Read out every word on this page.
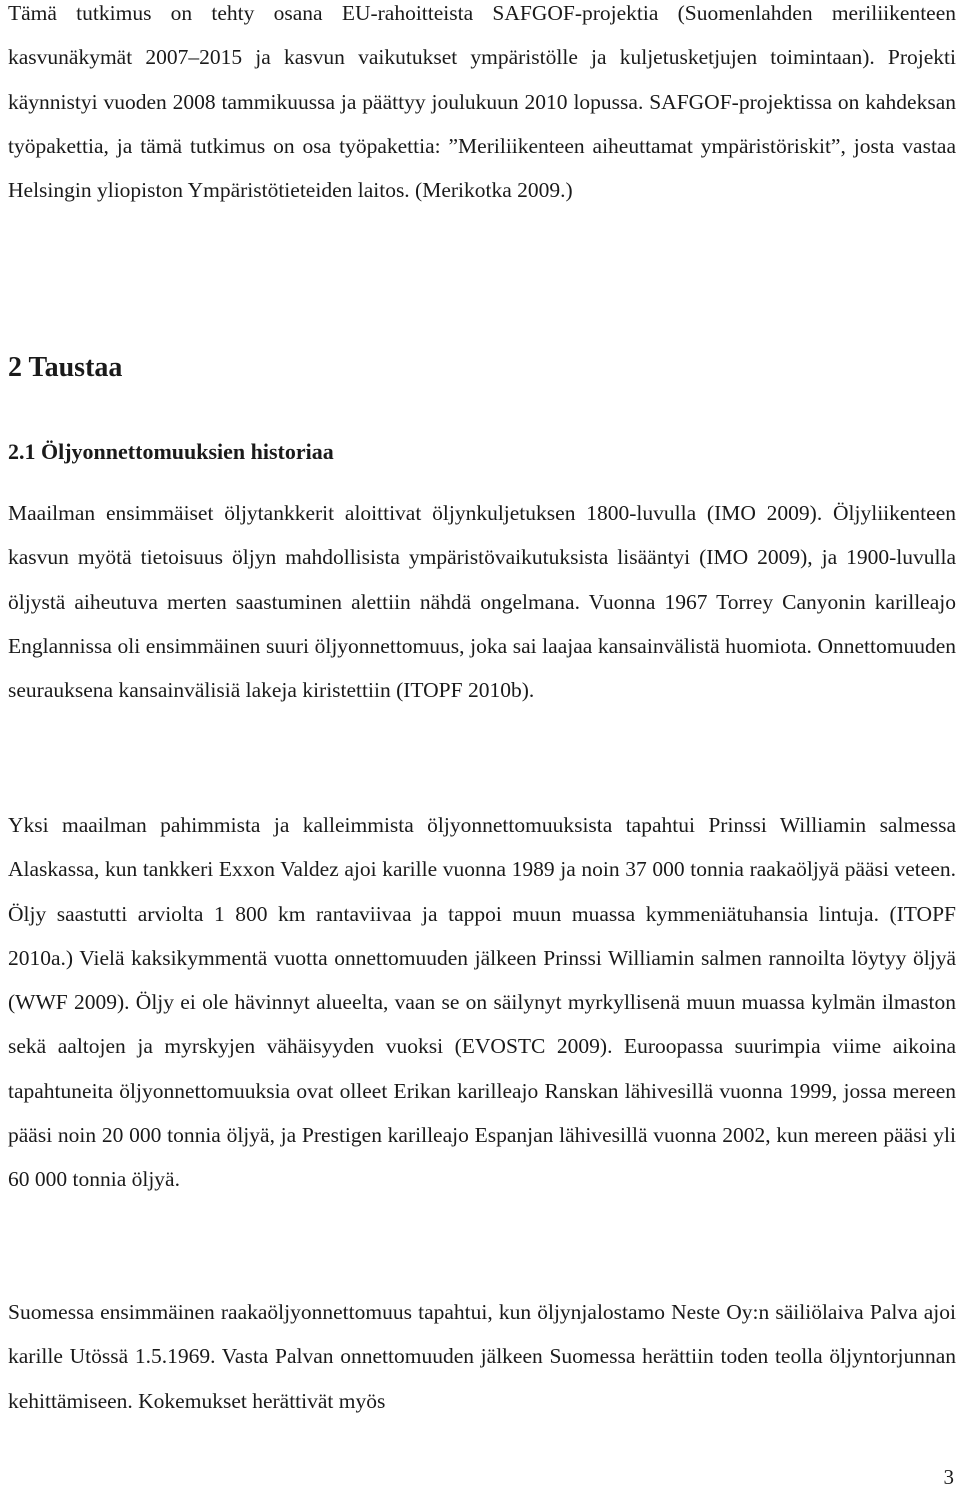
Tämä tutkimus on tehty osana EU-rahoitteista SAFGOF-projektia (Suomenlahden meriliikenteen kasvunäkymät 2007–2015 ja kasvun vaikutukset ympäristölle ja kuljetusketjujen toimintaan). Projekti käynnistyi vuoden 2008 tammikuussa ja päättyy joulukuun 2010 lopussa. SAFGOF-projektissa on kahdeksan työpakettia, ja tämä tutkimus on osa työpakettia: ”Meriliikenteen aiheuttamat ympäristöriskit”, josta vastaa Helsingin yliopiston Ympäristötieteiden laitos. (Merikotka 2009.)

2 Taustaa
2.1 Öljyonnettomuuksien historiaa

Maailman ensimmäiset öljytankkerit aloittivat öljynkuljetuksen 1800-luvulla (IMO 2009). Öljyliikenteen kasvun myötä tietoisuus öljyn mahdollisista ympäristövaikutuksista lisääntyi (IMO 2009), ja 1900-luvulla öljystä aiheutuva merten saastuminen alettiin nähdä ongelmana. Vuonna 1967 Torrey Canyonin karilleajo Englannissa oli ensimmäinen suuri öljyonnettomuus, joka sai laajaa kansainvälistä huomiota. Onnettomuuden seurauksena kansainvälisiä lakeja kiristettiin (ITOPF 2010b).

Yksi maailman pahimmista ja kalleimmista öljyonnettomuuksista tapahtui Prinssi Williamin salmessa Alaskassa, kun tankkeri Exxon Valdez ajoi karille vuonna 1989 ja noin 37 000 tonnia raakaöljyä pääsi veteen. Öljy saastutti arviolta 1 800 km rantaviivaa ja tappoi muun muassa kymmeniätuhansia lintuja. (ITOPF 2010a.) Vielä kaksikymmentä vuotta onnettomuuden jälkeen Prinssi Williamin salmen rannoilta löytyy öljyä (WWF 2009). Öljy ei ole hävinnyt alueelta, vaan se on säilynyt myrkyllisenä muun muassa kylmän ilmaston sekä aaltojen ja myrskyjen vähäisyyden vuoksi (EVOSTC 2009). Euroopassa suurimpia viime aikoina tapahtuneita öljyonnettomuuksia ovat olleet Erikan karilleajo Ranskan lähivesillä vuonna 1999, jossa mereen pääsi noin 20 000 tonnia öljyä, ja Prestigen karilleajo Espanjan lähivesillä vuonna 2002, kun mereen pääsi yli 60 000 tonnia öljyä.

Suomessa ensimmäinen raakaöljyonnettomuus tapahtui, kun öljynjalostamo Neste Oy:n säiliölaiva Palva ajoi karille Utössä 1.5.1969. Vasta Palvan onnettomuuden jälkeen Suomessa herättiin toden teolla öljyntorjunnan kehittämiseen. Kokemukset herättivät myös

3
